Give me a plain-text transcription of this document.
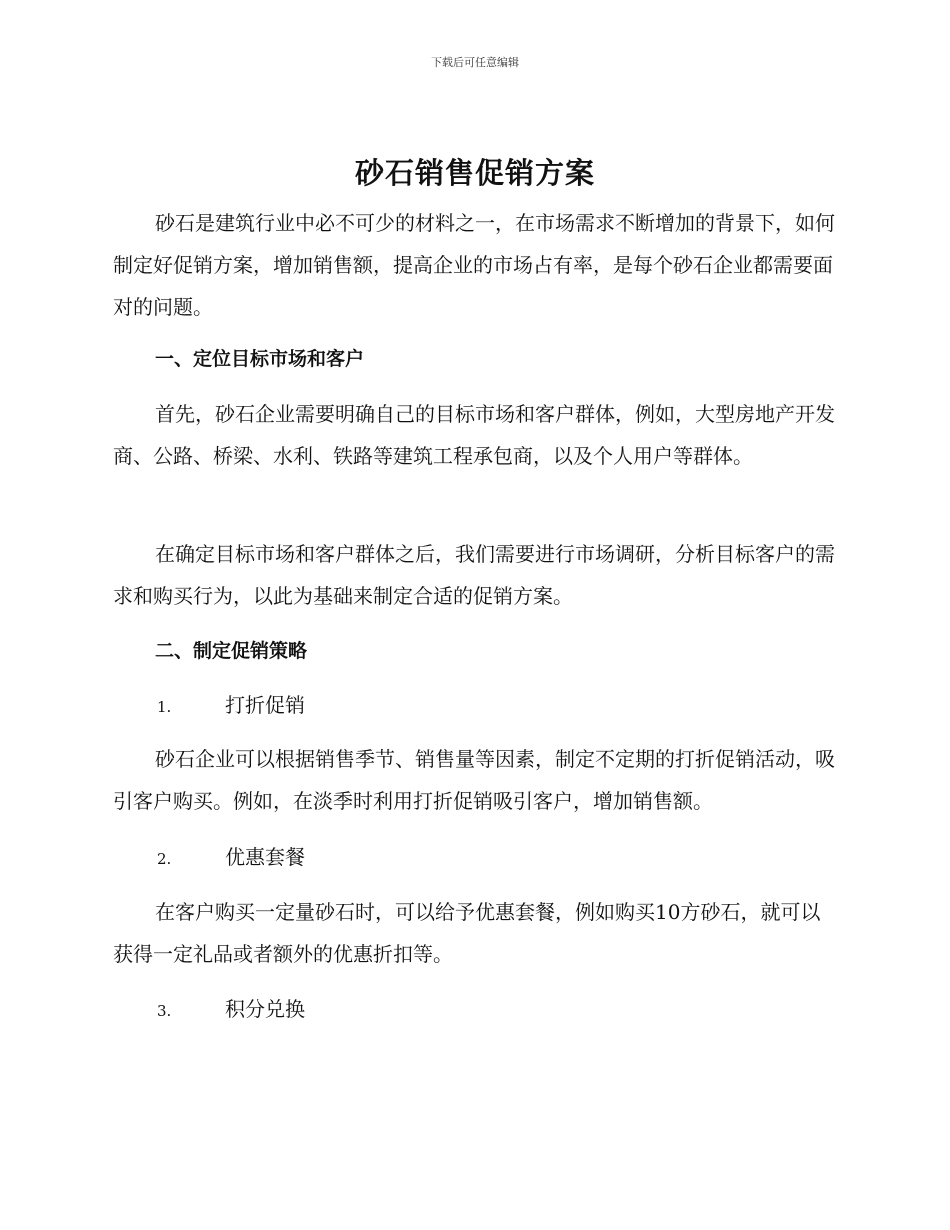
下载后可任意编辑
砂石销售促销方案

砂石是建筑行业中必不可少的材料之一，在市场需求不断增加的背景下，如何制定好促销方案，增加销售额，提高企业的市场占有率，是每个砂石企业都需要面对的问题。

一、定位目标市场和客户

首先，砂石企业需要明确自己的目标市场和客户群体，例如，大型房地产开发商、公路、桥梁、水利、铁路等建筑工程承包商，以及个人用户等群体。

在确定目标市场和客户群体之后，我们需要进行市场调研，分析目标客户的需求和购买行为，以此为基础来制定合适的促销方案。

二、制定促销策略
1.	打折促销

砂石企业可以根据销售季节、销售量等因素，制定不定期的打折促销活动，吸引客户购买。例如，在淡季时利用打折促销吸引客户，增加销售额。

2.	优惠套餐

在客户购买一定量砂石时，可以给予优惠套餐，例如购买10方砂石，就可以获得一定礼品或者额外的优惠折扣等。

3.	积分兑换
